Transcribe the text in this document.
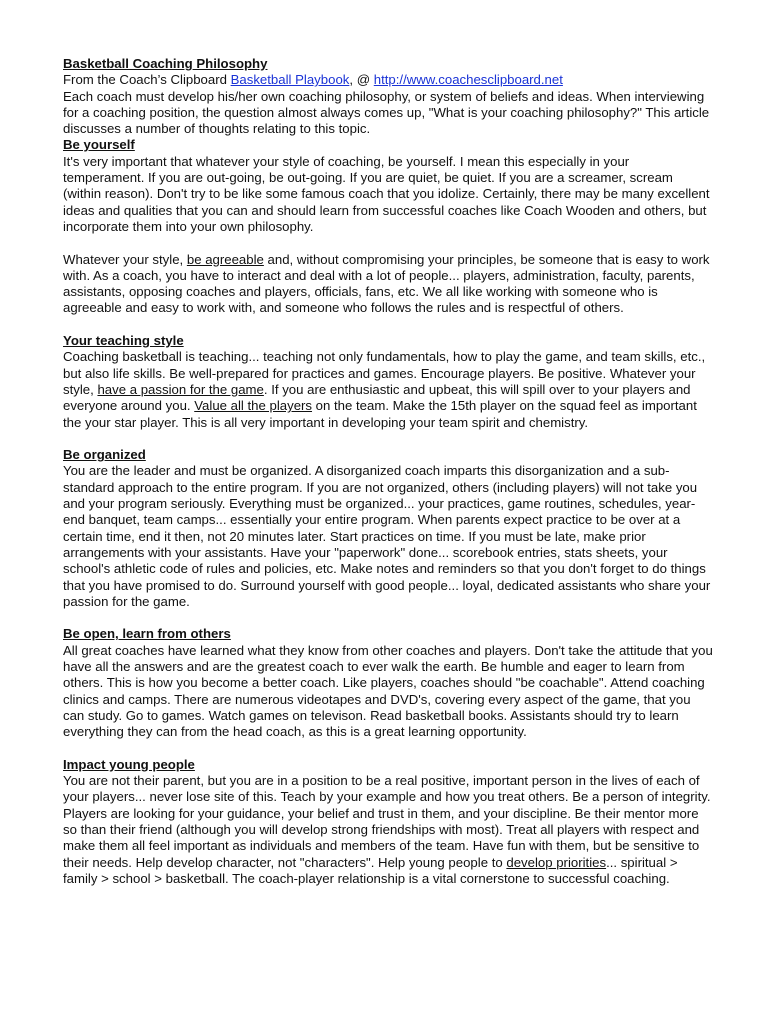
Basketball Coaching Philosophy

From the Coach’s Clipboard Basketball Playbook, @ http://www.coachesclipboard.net

Each coach must develop his/her own coaching philosophy, or system of beliefs and ideas. When interviewing for a coaching position, the question almost always comes up, "What is your coaching philosophy?" This article discusses a number of thoughts relating to this topic.

Be yourself

It's very important that whatever your style of coaching, be yourself. I mean this especially in your temperament. If you are out-going, be out-going. If you are quiet, be quiet. If you are a screamer, scream (within reason). Don't try to be like some famous coach that you idolize. Certainly, there may be many excellent ideas and qualities that you can and should learn from successful coaches like Coach Wooden and others, but incorporate them into your own philosophy.

Whatever your style, be agreeable and, without compromising your principles, be someone that is easy to work with. As a coach, you have to interact and deal with a lot of people... players, administration, faculty, parents, assistants, opposing coaches and players, officials, fans, etc. We all like working with someone who is agreeable and easy to work with, and someone who follows the rules and is respectful of others.

Your teaching style

Coaching basketball is teaching... teaching not only fundamentals, how to play the game, and team skills, etc., but also life skills. Be well-prepared for practices and games. Encourage players. Be positive. Whatever your style, have a passion for the game. If you are enthusiastic and upbeat, this will spill over to your players and everyone around you. Value all the players on the team. Make the 15th player on the squad feel as important the your star player. This is all very important in developing your team spirit and chemistry.

Be organized

You are the leader and must be organized. A disorganized coach imparts this disorganization and a sub-standard approach to the entire program. If you are not organized, others (including players) will not take you and your program seriously. Everything must be organized... your practices, game routines, schedules, year-end banquet, team camps... essentially your entire program. When parents expect practice to be over at a certain time, end it then, not 20 minutes later. Start practices on time. If you must be late, make prior arrangements with your assistants. Have your "paperwork" done... scorebook entries, stats sheets, your school's athletic code of rules and policies, etc. Make notes and reminders so that you don't forget to do things that you have promised to do. Surround yourself with good people... loyal, dedicated assistants who share your passion for the game.

Be open, learn from others

All great coaches have learned what they know from other coaches and players. Don't take the attitude that you have all the answers and are the greatest coach to ever walk the earth. Be humble and eager to learn from others. This is how you become a better coach. Like players, coaches should "be coachable". Attend coaching clinics and camps. There are numerous videotapes and DVD's, covering every aspect of the game, that you can study. Go to games. Watch games on televison. Read basketball books. Assistants should try to learn everything they can from the head coach, as this is a great learning opportunity.

Impact young people

You are not their parent, but you are in a position to be a real positive, important person in the lives of each of your players... never lose site of this. Teach by your example and how you treat others. Be a person of integrity. Players are looking for your guidance, your belief and trust in them, and your discipline. Be their mentor more so than their friend (although you will develop strong friendships with most). Treat all players with respect and make them all feel important as individuals and members of the team. Have fun with them, but be sensitive to their needs. Help develop character, not "characters". Help young people to develop priorities... spiritual > family > school > basketball. The coach-player relationship is a vital cornerstone to successful coaching.
